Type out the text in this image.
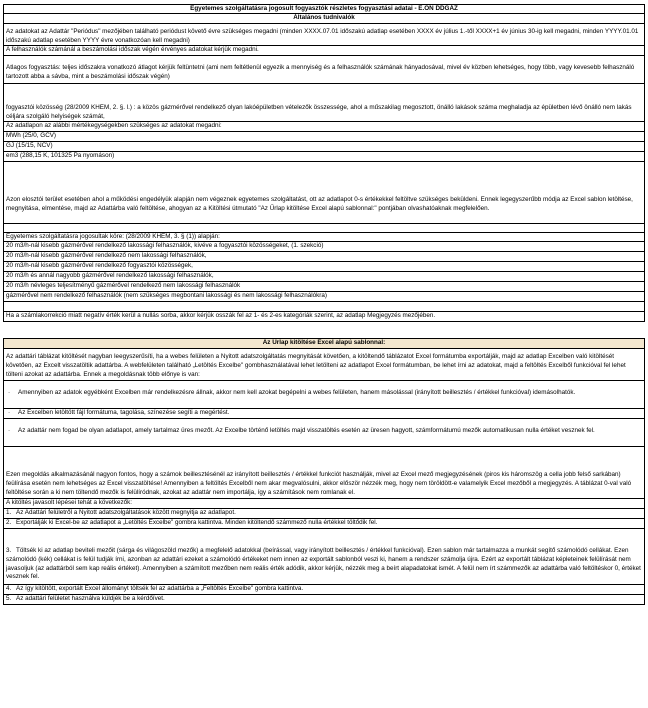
Egyetemes szolgáltatásra jogosult fogyasztók részletes fogyasztási adatai - E.ON DDGÁZ
Általános tudnivalók
Az adatokat az Adattár "Periódus" mezőjében található periódust követő évre szükséges megadni (minden XXXX.07.01 időszakú adatlap esetében XXXX év július 1.-től XXXX+1 év június 30-ig kell megadni, minden YYYY.01.01 időszakú adatlap esetében YYYY évre vonatkozóan kell megadni)
A felhasználók számánál a beszámolási időszak végén érvényes adatokat kérjük megadni.
Átlagos fogyasztás: teljes időszakra vonatkozó átlagot kérjük feltüntetni (ami nem feltétlenül egyezik a mennyiség és a felhasználók számának hányadosával, mivel év közben lehetséges, hogy több, vagy kevesebb felhasználó tartozott abba a sávba, mint a beszámolási időszak végén)
fogyasztói közösség (28/2009 KHEM, 2. §. l.) : a közös gázmérővel rendelkező olyan lakóépületben vételezők összessége, ahol a műszakilag megosztott, önálló lakások száma meghaladja az épületben lévő önálló nem lakás céljára szolgáló helyiségek számát,
Az adatlapon az alábbi mértékegységekben szükséges az adatokat megadni:
MWh (25/0, GCV)
GJ (15/15, NCV)
em3 (288,15 K, 101325 Pa nyomáson)
Azon elosztói terület esetében ahol a működési engedélyük alapján nem végeznek egyetemes szolgáltatást, ott az adatlapot 0-s értékekkel feltöltve szükséges beküldeni. Ennek legegyszerűbb módja az Excel sablon letöltése, megnyitása, elmentése, majd az Adattárba való feltöltése, ahogyan az a Kitöltési útmutató "Az Űrlap kitöltése Excel alapú sablonnal:" pontjában olvashatóaknak megfelelően.
Egyetemes szolgáltatásra jogosultak köre: (28/2009 KHEM, 3. § (1)) alapján:
20 m3/h-nál kisebb gázmérővel rendelkező lakossági felhasználók, kivéve a fogyasztói közösségeket, (1. szekció)
20 m3/h-nál kisebb gázmérővel rendelkező nem lakossági felhasználók,
20 m3/h-nál kisebb gázmérővel rendelkező fogyasztói közösségek,
20 m3/h és annál nagyobb gázmérővel rendelkező lakossági felhasználók,
20 m3/h névleges teljesítményű gázmérővel rendelkező nem lakossági felhasználók
gázmérővel nem rendelkező felhasználók (nem szükséges megbontani lakossági és nem lakossági felhasználókra)
Ha a számlakorrekció miatt negatív érték kerül a nullás sorba, akkor kérjük osszák fel az 1- és 2-es kategóriák szerint, az adatlap Megjegyzés mezőjében.
Az Űrlap kitöltése Excel alapú sablonnal:
Az adattári táblázat kitöltését nagyban leegyszerűsíti, ha a webes felületen a Nyitott adatszolgáltatás megnyitását követően, a kitöltendő táblázatot Excel formátumba exportálják, majd az adatlap Excelben való kitöltését követően, az Excelt visszatöltik adattárba. A webfelületen található „Letöltés Excelbe" gombhasználatával lehet letölteni az adatlapot Excel formátumban, be lehet írni az adatokat, majd a feltöltés Excelből funkcióval fel lehet tölteni azokat az adattárba. Ennek a megoldásnak több előnye is van:
· Amennyiben az adatok egyébként Excelben már rendelkezésre állnak, akkor nem kell azokat begépelni a webes felületen, hanem másolással (irányított beillesztés / értékkel funkcióval) idemásolhatók.
· Az Excelben letöltött fájl formátuma, tagolása, színezése segíti a megértést.
· Az adattár nem fogad be olyan adatlapot, amely tartalmaz üres mezőt. Az Excelbe történő letöltés majd visszatöltés esetén az üresen hagyott, számformátumú mezők automatikusan nulla értéket vesznek fel.
Ezen megoldás alkalmazásánál nagyon fontos, hogy a számok beillesztésénél az irányított beillesztés / értékkel funkciót használják, mivel az Excel mező megjegyzésének (piros kis háromszög a cella jobb felső sarkában) feülírása esetén nem lehetséges az Excel visszatöltése! Amennyiben a feltöltés Excelből nem akar megvalósulni, akkor először nézzék meg, hogy nem töröldött-e valamelyik Excel mezőből a megjegyzés. A táblázat 0-val való feltöltése során a ki nem töltendő mezők is felülíródnak, azokat az adattár nem importálja, így a számítások nem romlanak el.
A kitöltés javasolt lépései tehát a következők:
1. Az Adattári felületről a Nyitott adatszolgáltatások között megnyitja az adatlapot.
2. Exportálják ki Excel-be az adatlapot a „Letöltés Excelbe" gombra kattintva. Minden kitöltendő számmező nulla értékkel töltődik fel.
3. Töltsék ki az adatlap beviteli mezőit (sárga és világoszöld mezők) a megfelelő adatokkal (beírással, vagy irányított beillesztés / értékkel funkcióval). Ezen sablon már tartalmazza a munkát segítő számolódó cellákat. Ezen számolódó (kék) cellákat is felül tudják írni, azonban az adattári ezeket a számolódó értékeket nem innen az exportált sablonból veszi ki, hanem a rendszer számolja újra. Ezért az exportált táblázat képleteinek felülírását nem javasoljuk (az adattárból sem kap reális értéket). Amennyiben a számított mezőben nem reális érték adódik, akkor kérjük, nézzék meg a beírt alapadatokat ismét. A felül nem írt számmezők az adattárba való feltöltéskor 0, értéket vesznek fel.
4. Az így kitöltött, exportált Excel állományt töltsék fel az adattárba a „Feltöltés Excelbe" gombra kattintva.
5. Az adattári felületet használva küldjék be a kérdőívet.
